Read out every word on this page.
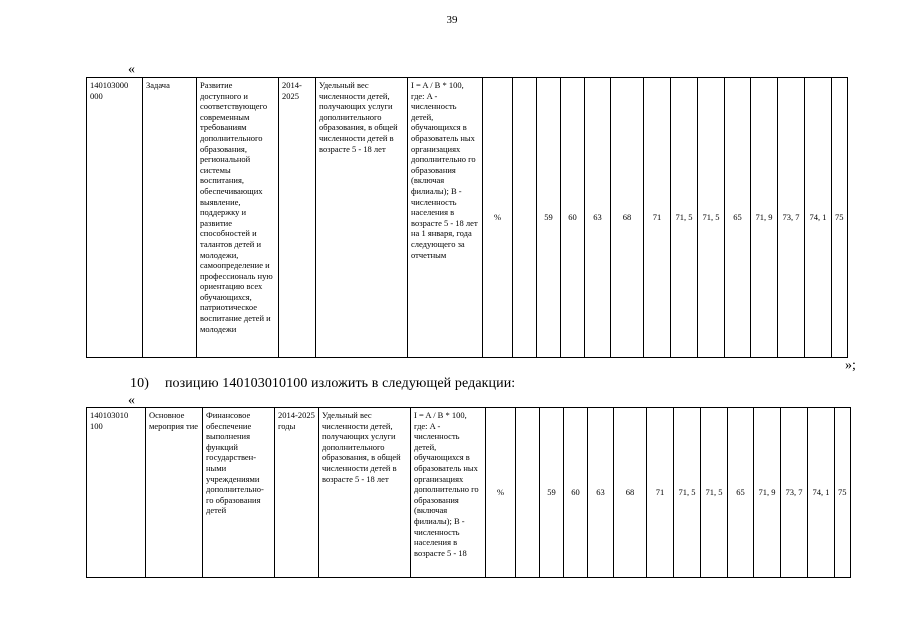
39
«
140103000 000	Задача	Развитие доступного и соответствующего современным требованиям дополнительного образования, региональной системы воспитания, обеспечивающих выявление, поддержку и развитие способностей и талантов детей и молодежи, самоопределение и профессиональ ную ориентацию всех обучающихся, патриотическое воспитание детей и молодежи	2014-2025	Удельный вес численности детей, получающих услуги дополнительного образования, в общей численности детей в возрасте 5 - 18 лет	I = A / B * 100, где: A - численность детей, обучающихся в образователь ных организациях дополнительно го образования (включая филиалы); B - численность населения в возрасте 5 - 18 лет на 1 января, года следующего за отчетным	%		59	60	63	68	71	71, 5	71, 5	65	71, 9	73, 7	74, 1	75
»;
10) позицию 140103010100 изложить в следующей редакции:
«
140103010 100	Основное мероприя тие	Финансовое обеспечение выполнения функций государствен- ными учреждениями дополнительно- го образования детей	2014-2025 годы	Удельный вес численности детей, получающих услуги дополнительного образования, в общей численности детей в возрасте 5 - 18 лет	I = A / B * 100, где: A - численность детей, обучающихся в образователь ных организациях дополнительно го образования (включая филиалы); B - численность населения в возрасте 5 - 18	%		59	60	63	68	71	71, 5	71, 5	65	71, 9	73, 7	74, 1	75
